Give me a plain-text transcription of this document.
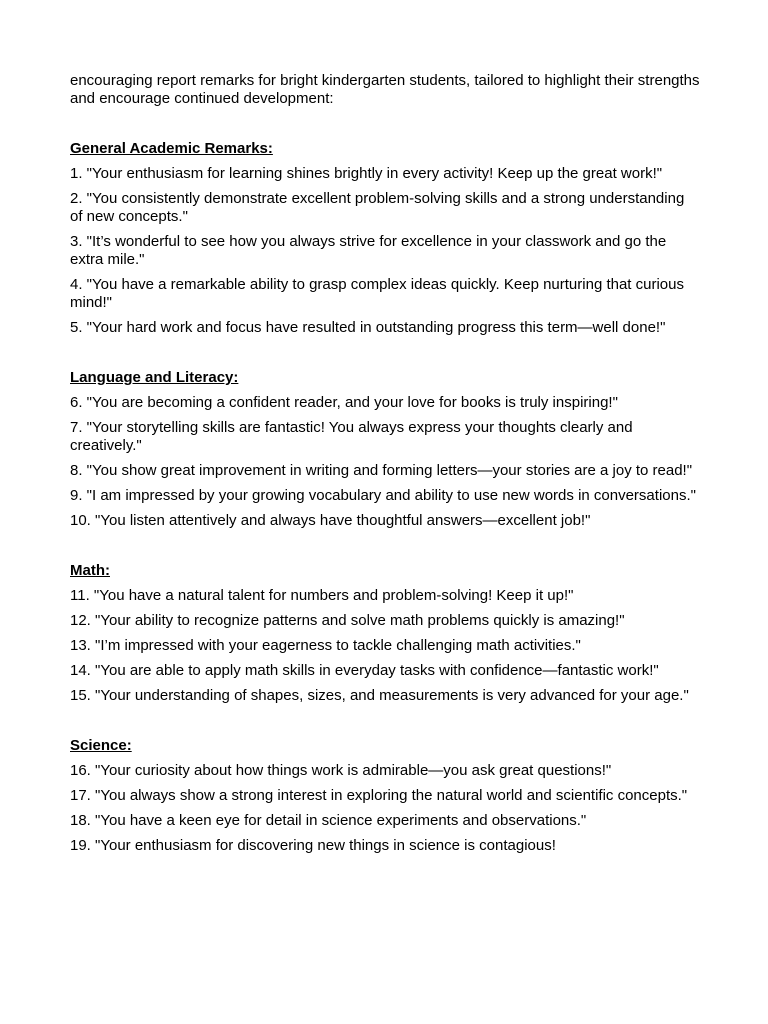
encouraging report remarks for bright kindergarten students, tailored to highlight their strengths and encourage continued development:

General Academic Remarks:

1. "Your enthusiasm for learning shines brightly in every activity! Keep up the great work!"

2. "You consistently demonstrate excellent problem-solving skills and a strong understanding of new concepts."

3. "It’s wonderful to see how you always strive for excellence in your classwork and go the extra mile."

4. "You have a remarkable ability to grasp complex ideas quickly. Keep nurturing that curious mind!"

5. "Your hard work and focus have resulted in outstanding progress this term—well done!"

Language and Literacy:

6. "You are becoming a confident reader, and your love for books is truly inspiring!"

7. "Your storytelling skills are fantastic! You always express your thoughts clearly and creatively."

8. "You show great improvement in writing and forming letters—your stories are a joy to read!"

9. "I am impressed by your growing vocabulary and ability to use new words in conversations."

10. "You listen attentively and always have thoughtful answers—excellent job!"

Math:

11. "You have a natural talent for numbers and problem-solving! Keep it up!"

12. "Your ability to recognize patterns and solve math problems quickly is amazing!"

13. "I’m impressed with your eagerness to tackle challenging math activities."

14. "You are able to apply math skills in everyday tasks with confidence—fantastic work!"

15. "Your understanding of shapes, sizes, and measurements is very advanced for your age."

Science:

16. "Your curiosity about how things work is admirable—you ask great questions!"

17. "You always show a strong interest in exploring the natural world and scientific concepts."

18. "You have a keen eye for detail in science experiments and observations."

19. "Your enthusiasm for discovering new things in science is contagious!
